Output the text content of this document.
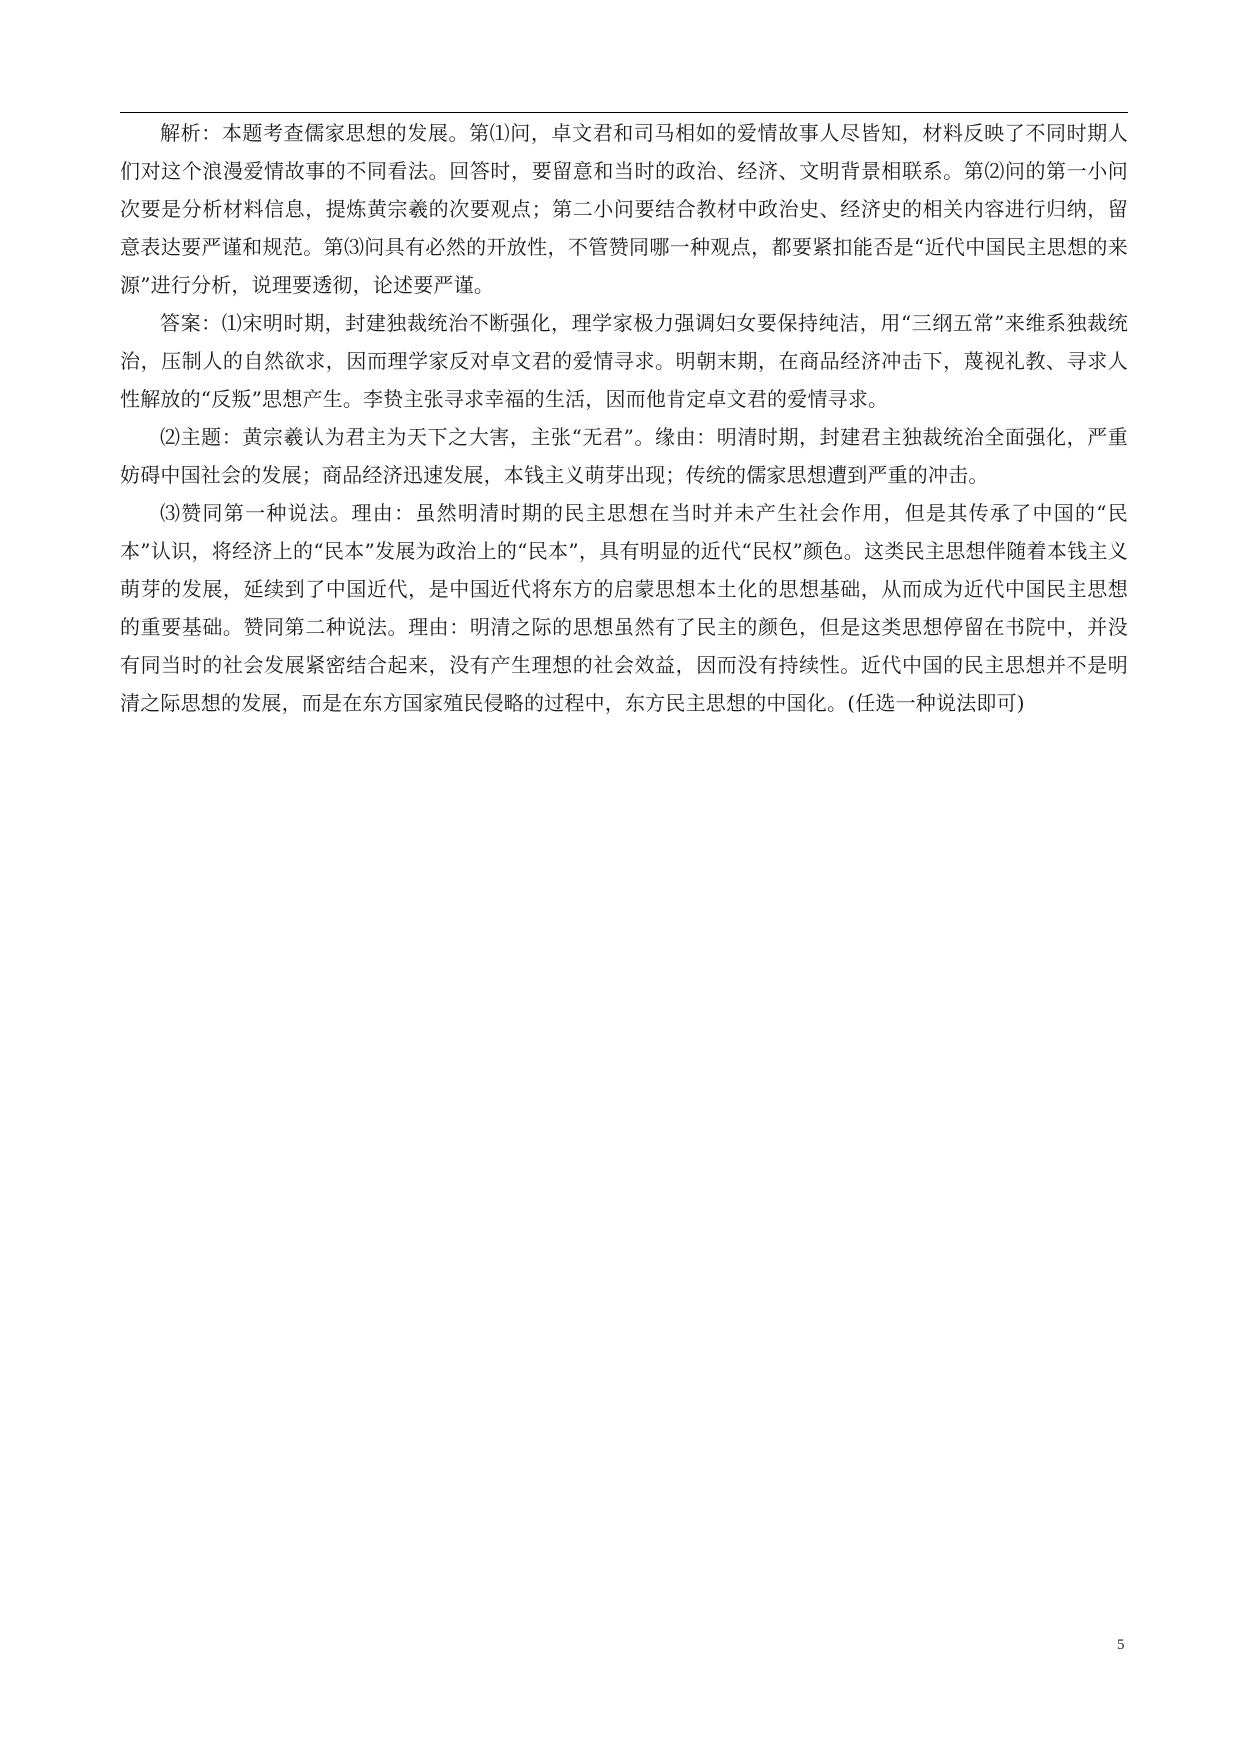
解析：本题考查儒家思想的发展。第⑴问，卓文君和司马相如的爱情故事人尽皆知，材料反映了不同时期人们对这个浪漫爱情故事的不同看法。回答时，要留意和当时的政治、经济、文明背景相联系。第⑵问的第一小问次要是分析材料信息，提炼黄宗羲的次要观点；第二小问要结合教材中政治史、经济史的相关内容进行归纳，留意表达要严谨和规范。第⑶问具有必然的开放性，不管赞同哪一种观点，都要紧扣能否是“近代中国民主思想的来源”进行分析，说理要透彻，论述要严谨。

答案：⑴宋明时期，封建独裁统治不断强化，理学家极力强调妇女要保持纯洁，用“三纲五常”来维系独裁统治，压制人的自然欲求，因而理学家反对卓文君的爱情寻求。明朝末期，在商品经济冲击下，蔑视礼教、寻求人性解放的“反叛”思想产生。李贽主张寻求幸福的生活，因而他肯定卓文君的爱情寻求。

⑵主题：黄宗羲认为君主为天下之大害，主张“无君”。缘由：明清时期，封建君主独裁统治全面强化，严重妨碍中国社会的发展；商品经济迅速发展，本钱主义萌芽出现；传统的儒家思想遭到严重的冲击。

⑶赞同第一种说法。理由：虽然明清时期的民主思想在当时并未产生社会作用，但是其传承了中国的“民本”认识，将经济上的“民本”发展为政治上的“民本”，具有明显的近代“民权”颜色。这类民主思想伴随着本钱主义萌芽的发展，延续到了中国近代，是中国近代将东方的启蒙思想本土化的思想基础，从而成为近代中国民主思想的重要基础。赞同第二种说法。理由：明清之际的思想虽然有了民主的颜色，但是这类思想停留在书院中，并没有同当时的社会发展紧密结合起来，没有产生理想的社会效益，因而没有持续性。近代中国的民主思想并不是明清之际思想的发展，而是在东方国家殖民侵略的过程中，东方民主思想的中国化。(任选一种说法即可)

5
